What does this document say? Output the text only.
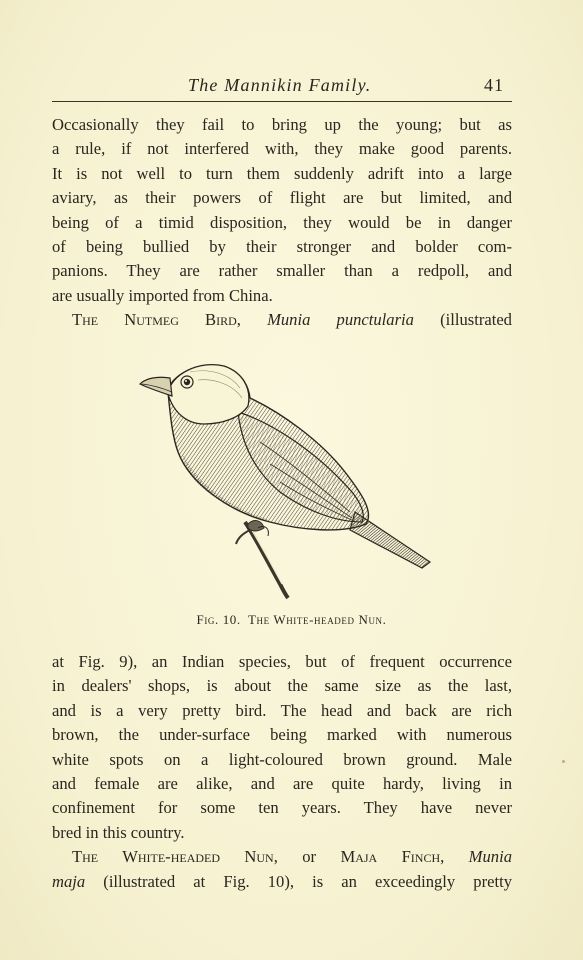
The Mannikin Family.	41
Occasionally they fail to bring up the young; but as
a rule, if not interfered with, they make good parents.
It is not well to turn them suddenly adrift into a large
aviary, as their powers of flight are but limited, and
being of a timid disposition, they would be in danger
of being bullied by their stronger and bolder com-
panions. They are rather smaller than a redpoll, and
are usually imported from China.
The Nutmeg Bird, Munia punctularia (illustrated
Fig. 10. The White-headed Nun.
at Fig. 9), an Indian species, but of frequent occurrence
in dealers' shops, is about the same size as the last,
and is a very pretty bird. The head and back are rich
brown, the under-surface being marked with numerous
white spots on a light-coloured brown ground. Male
and female are alike, and are quite hardy, living in
confinement for some ten years. They have never
bred in this country.
The White-headed Nun, or Maja Finch, Munia
maja (illustrated at Fig. 10), is an exceedingly pretty
